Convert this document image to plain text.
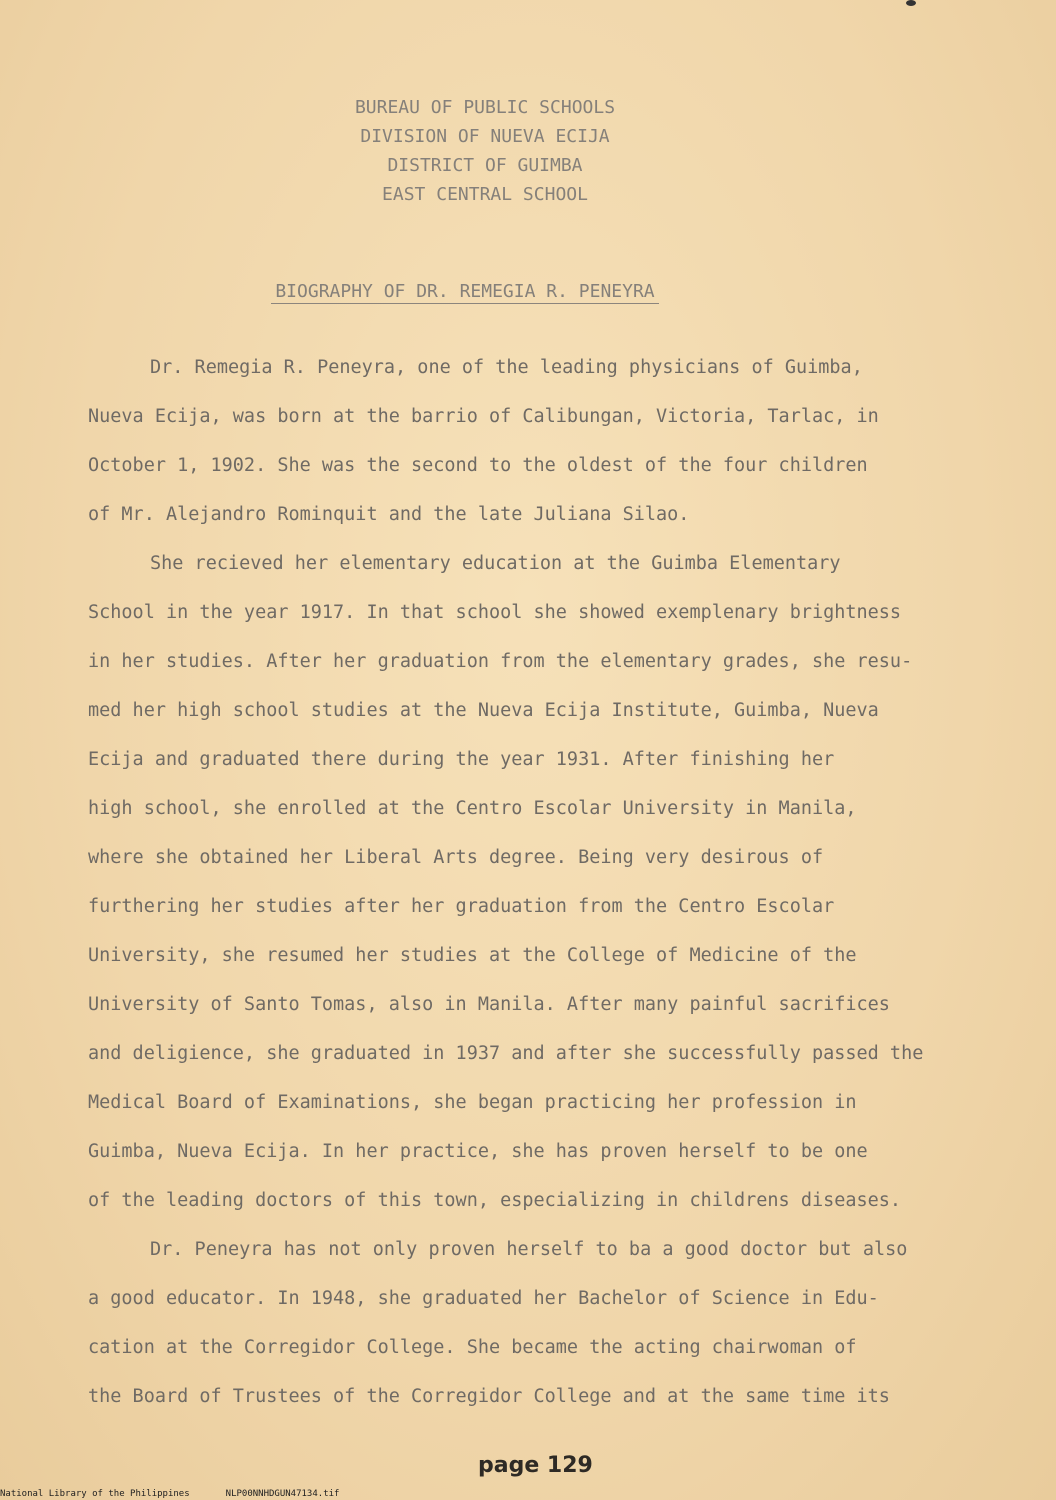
BUREAU OF PUBLIC SCHOOLS
DIVISION OF NUEVA ECIJA
DISTRICT OF GUIMBA
EAST CENTRAL SCHOOL
BIOGRAPHY OF DR. REMEGIA R. PENEYRA
Dr. Remegia R. Peneyra, one of the leading physicians of Guimba,
Nueva Ecija, was born at the barrio of Calibungan, Victoria, Tarlac, in
October 1, 1902. She was the second to the oldest of the four children
of Mr. Alejandro Rominquit and the late Juliana Silao.
She recieved her elementary education at the Guimba Elementary
School in the year 1917. In that school she showed exemplenary brightness
in her studies. After her graduation from the elementary grades, she resu-
med her high school studies at the Nueva Ecija Institute, Guimba, Nueva
Ecija and graduated there during the year 1931. After finishing her
high school, she enrolled at the Centro Escolar University in Manila,
where she obtained her Liberal Arts degree. Being very desirous of
furthering her studies after her graduation from the Centro Escolar
University, she resumed her studies at the College of Medicine of the
University of Santo Tomas, also in Manila. After many painful sacrifices
and deligience, she graduated in 1937 and after she successfully passed the
Medical Board of Examinations, she began practicing her profession in
Guimba, Nueva Ecija. In her practice, she has proven herself to be one
of the leading doctors of this town, especializing in childrens diseases.
Dr. Peneyra has not only proven herself to ba a good doctor but also
a good educator. In 1948, she graduated her Bachelor of Science in Edu-
cation at the Corregidor College. She became the acting chairwoman of
the Board of Trustees of the Corregidor College and at the same time its
page 129
National Library of the Philippines	NLP00NNHDGUN47134.tif
